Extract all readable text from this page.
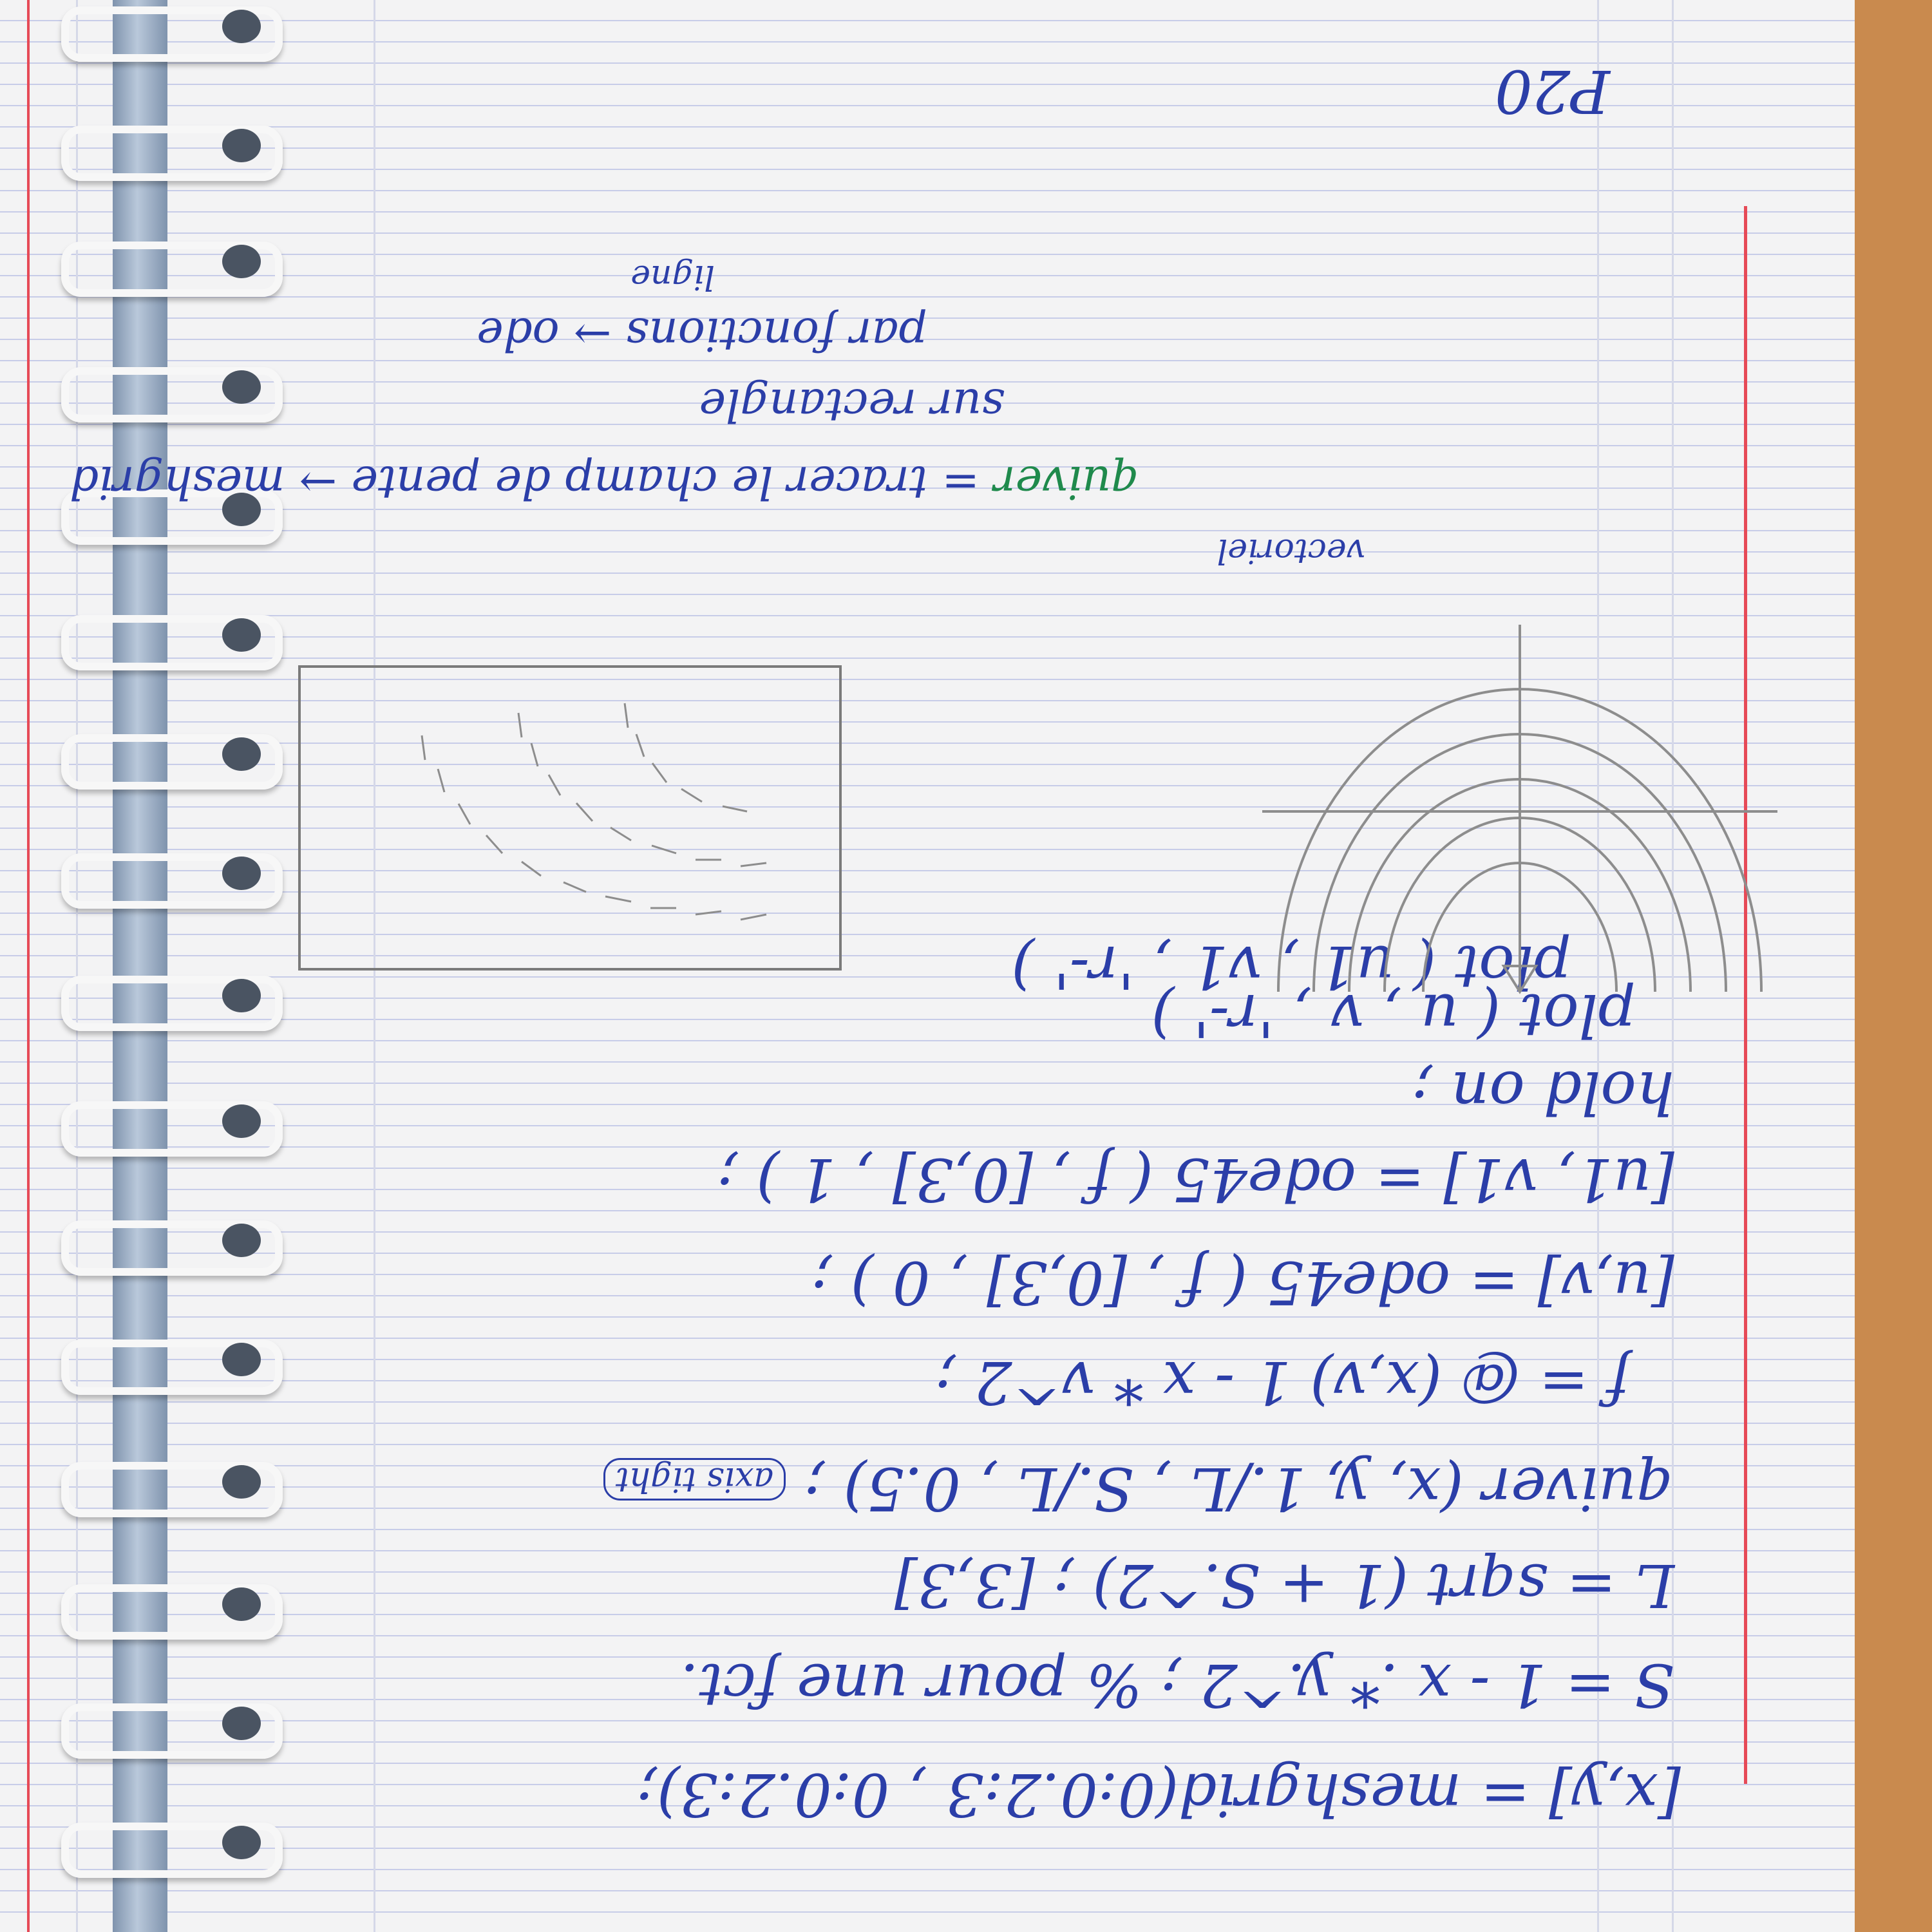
P20
[x,y] = meshgrid(0:0.2:3 , 0:0.2:3);
S = 1 - x .* y.^2 ; % pour une fct.
L = sqrt (1 + S.^2) ; [3,3]
quiver (x, y, 1./L , S./L , 0.5) ; axis tight
f = @ (x,v) 1 - x * v^2 ;
[u,v] = ode45 ( f , [0,3] , 0 ) ;
[u1, v1] = ode45 ( f , [0,3] , 1 ) ;
hold on ;
plot ( u , v , 'r-' )
plot ( u1 , v1 , 'r-' )
quiver = tracer le champ de pente → meshgrid
sur rectangle
par fonctions → ode
vectoriel
ligne
